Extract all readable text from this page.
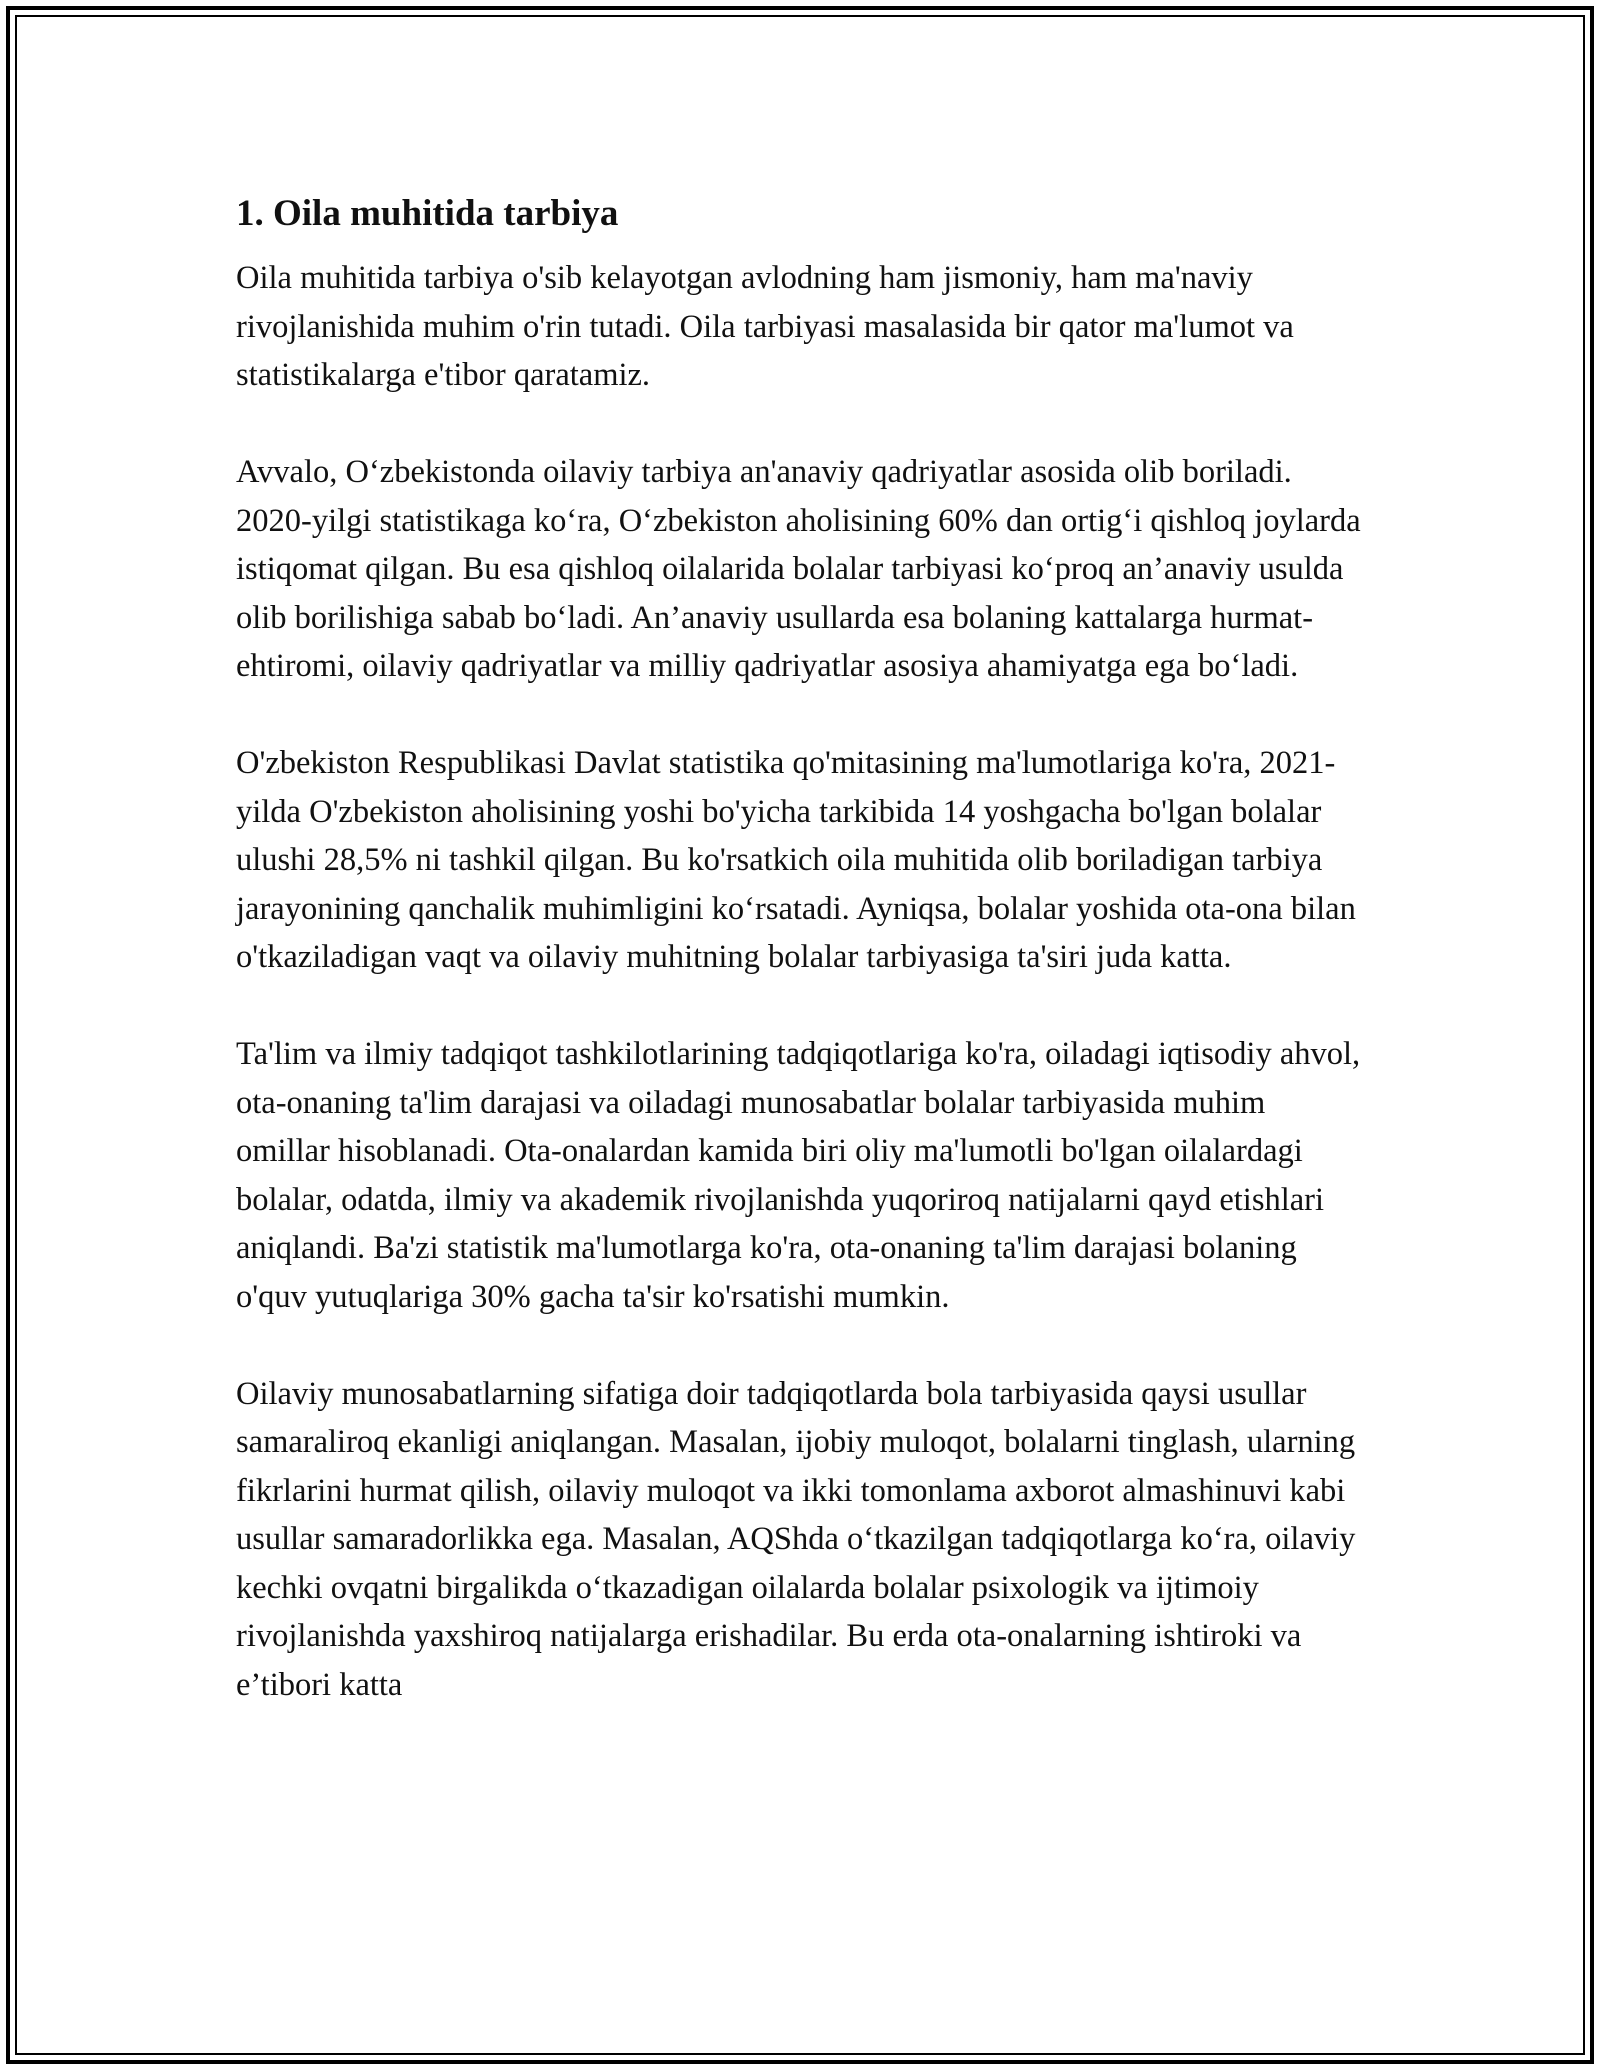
1. Oila muhitida tarbiya

Oila muhitida tarbiya o'sib kelayotgan avlodning ham jismoniy, ham ma'naviy rivojlanishida muhim o'rin tutadi. Oila tarbiyasi masalasida bir qator ma'lumot va statistikalarga e'tibor qaratamiz.

Avvalo, O‘zbekistonda oilaviy tarbiya an'anaviy qadriyatlar asosida olib boriladi. 2020-yilgi statistikaga ko‘ra, O‘zbekiston aholisining 60% dan ortig‘i qishloq joylarda istiqomat qilgan. Bu esa qishloq oilalarida bolalar tarbiyasi ko‘proq an’anaviy usulda olib borilishiga sabab bo‘ladi. An’anaviy usullarda esa bolaning kattalarga hurmat-ehtiromi, oilaviy qadriyatlar va milliy qadriyatlar asosiya ahamiyatga ega bo‘ladi.

O'zbekiston Respublikasi Davlat statistika qo'mitasining ma'lumotlariga ko'ra, 2021-yilda O'zbekiston aholisining yoshi bo'yicha tarkibida 14 yoshgacha bo'lgan bolalar ulushi 28,5% ni tashkil qilgan. Bu ko'rsatkich oila muhitida olib boriladigan tarbiya jarayonining qanchalik muhimligini ko‘rsatadi. Ayniqsa, bolalar yoshida ota-ona bilan o'tkaziladigan vaqt va oilaviy muhitning bolalar tarbiyasiga ta'siri juda katta.

Ta'lim va ilmiy tadqiqot tashkilotlarining tadqiqotlariga ko'ra, oiladagi iqtisodiy ahvol, ota-onaning ta'lim darajasi va oiladagi munosabatlar bolalar tarbiyasida muhim omillar hisoblanadi. Ota-onalardan kamida biri oliy ma'lumotli bo'lgan oilalardagi bolalar, odatda, ilmiy va akademik rivojlanishda yuqoriroq natijalarni qayd etishlari aniqlandi. Ba'zi statistik ma'lumotlarga ko'ra, ota-onaning ta'lim darajasi bolaning o'quv yutuqlariga 30% gacha ta'sir ko'rsatishi mumkin.

Oilaviy munosabatlarning sifatiga doir tadqiqotlarda bola tarbiyasida qaysi usullar samaraliroq ekanligi aniqlangan. Masalan, ijobiy muloqot, bolalarni tinglash, ularning fikrlarini hurmat qilish, oilaviy muloqot va ikki tomonlama axborot almashinuvi kabi usullar samaradorlikka ega. Masalan, AQShda o‘tkazilgan tadqiqotlarga ko‘ra, oilaviy kechki ovqatni birgalikda o‘tkazadigan oilalarda bolalar psixologik va ijtimoiy rivojlanishda yaxshiroq natijalarga erishadilar. Bu erda ota-onalarning ishtiroki va e’tibori katta
